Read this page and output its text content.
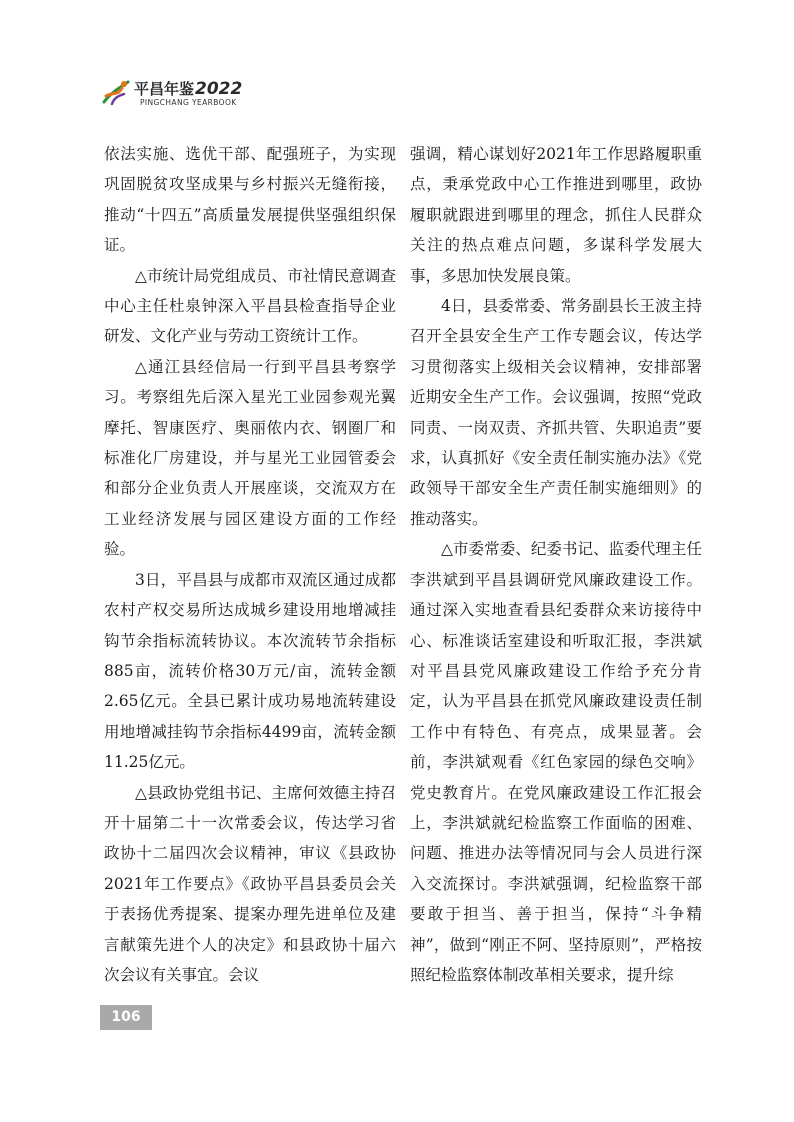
平昌年鉴2022
PINGCHANG YEARBOOK

依法实施、选优干部、配强班子，为实现巩固脱贫攻坚成果与乡村振兴无缝衔接，推动“十四五”高质量发展提供坚强组织保证。

△市统计局党组成员、市社情民意调查中心主任杜泉钟深入平昌县检查指导企业研发、文化产业与劳动工资统计工作。

△通江县经信局一行到平昌县考察学习。考察组先后深入星光工业园参观光翼摩托、智康医疗、奥丽侬内衣、钢圈厂和标准化厂房建设，并与星光工业园管委会和部分企业负责人开展座谈，交流双方在工业经济发展与园区建设方面的工作经验。

3日，平昌县与成都市双流区通过成都农村产权交易所达成城乡建设用地增减挂钩节余指标流转协议。本次流转节余指标885亩，流转价格30万元/亩，流转金额2.65亿元。全县已累计成功易地流转建设用地增减挂钩节余指标4499亩，流转金额11.25亿元。

△县政协党组书记、主席何效德主持召开十届第二十一次常委会议，传达学习省政协十二届四次会议精神，审议《县政协2021年工作要点》《政协平昌县委员会关于表扬优秀提案、提案办理先进单位及建言献策先进个人的决定》和县政协十届六次会议有关事宜。会议

强调，精心谋划好2021年工作思路履职重点，秉承党政中心工作推进到哪里，政协履职就跟进到哪里的理念，抓住人民群众关注的热点难点问题，多谋科学发展大事，多思加快发展良策。

4日，县委常委、常务副县长王波主持召开全县安全生产工作专题会议，传达学习贯彻落实上级相关会议精神，安排部署近期安全生产工作。会议强调，按照“党政同责、一岗双责、齐抓共管、失职追责”要求，认真抓好《安全责任制实施办法》《党政领导干部安全生产责任制实施细则》的推动落实。

△市委常委、纪委书记、监委代理主任李洪斌到平昌县调研党风廉政建设工作。通过深入实地查看县纪委群众来访接待中心、标准谈话室建设和听取汇报，李洪斌对平昌县党风廉政建设工作给予充分肯定，认为平昌县在抓党风廉政建设责任制工作中有特色、有亮点，成果显著。会前，李洪斌观看《红色家园的绿色交响》党史教育片。在党风廉政建设工作汇报会上，李洪斌就纪检监察工作面临的困难、问题、推进办法等情况同与会人员进行深入交流探讨。李洪斌强调，纪检监察干部要敢于担当、善于担当，保持“斗争精神”，做到“刚正不阿、坚持原则”，严格按照纪检监察体制改革相关要求，提升综

106
